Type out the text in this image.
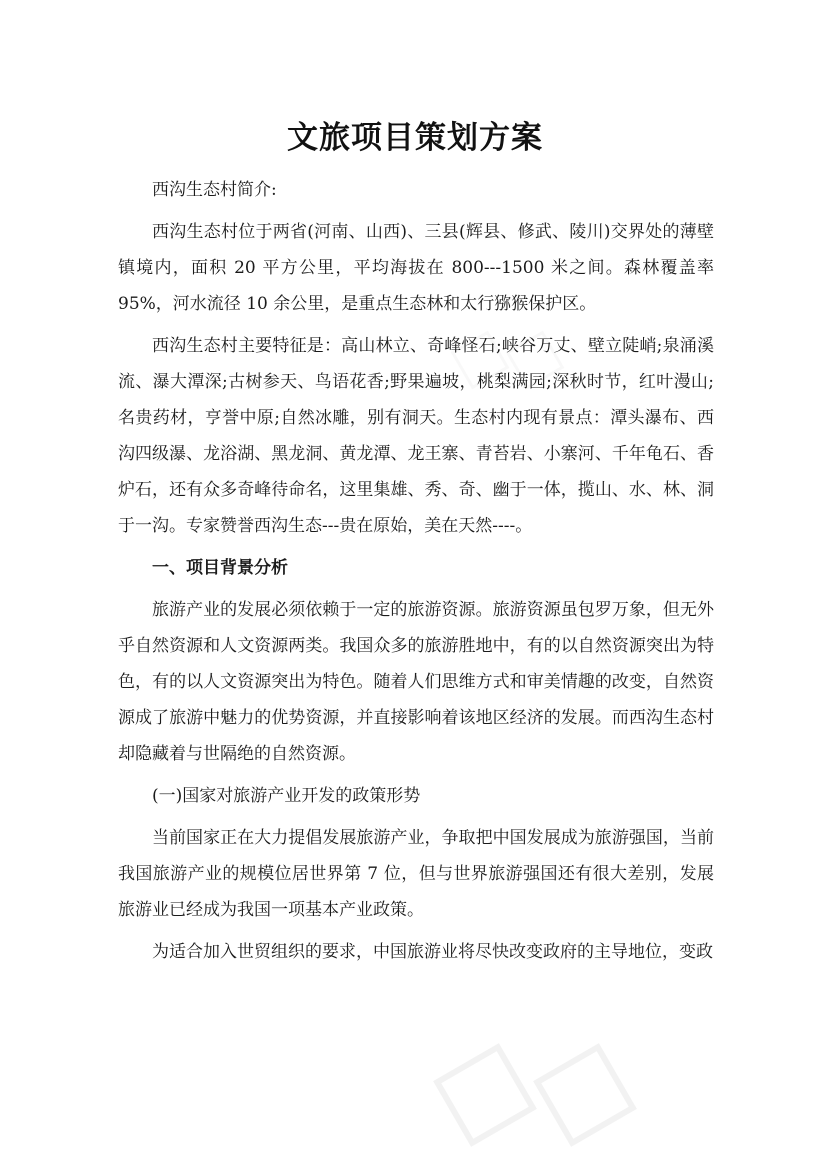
文旅项目策划方案

西沟生态村简介:

西沟生态村位于两省(河南、山西)、三县(辉县、修武、陵川)交界处的薄壁镇境内，面积 20 平方公里，平均海拔在 800---1500 米之间。森林覆盖率 95%，河水流径 10 余公里，是重点生态林和太行猕猴保护区。

西沟生态村主要特征是：高山林立、奇峰怪石;峡谷万丈、壁立陡峭;泉涌溪流、瀑大潭深;古树参天、鸟语花香;野果遍坡，桃梨满园;深秋时节，红叶漫山;名贵药材，亨誉中原;自然冰雕，别有洞天。生态村内现有景点：潭头瀑布、西沟四级瀑、龙浴湖、黑龙洞、黄龙潭、龙王寨、青苔岩、小寨河、千年龟石、香炉石，还有众多奇峰待命名，这里集雄、秀、奇、幽于一体，揽山、水、林、洞于一沟。专家赞誉西沟生态---贵在原始，美在天然----。

一、项目背景分析

旅游产业的发展必须依赖于一定的旅游资源。旅游资源虽包罗万象，但无外乎自然资源和人文资源两类。我国众多的旅游胜地中，有的以自然资源突出为特色，有的以人文资源突出为特色。随着人们思维方式和审美情趣的改变，自然资源成了旅游中魅力的优势资源，并直接影响着该地区经济的发展。而西沟生态村却隐藏着与世隔绝的自然资源。

(一)国家对旅游产业开发的政策形势

当前国家正在大力提倡发展旅游产业，争取把中国发展成为旅游强国，当前我国旅游产业的规模位居世界第 7 位，但与世界旅游强国还有很大差别，发展旅游业已经成为我国一项基本产业政策。

为适合加入世贸组织的要求，中国旅游业将尽快改变政府的主导地位，变政
